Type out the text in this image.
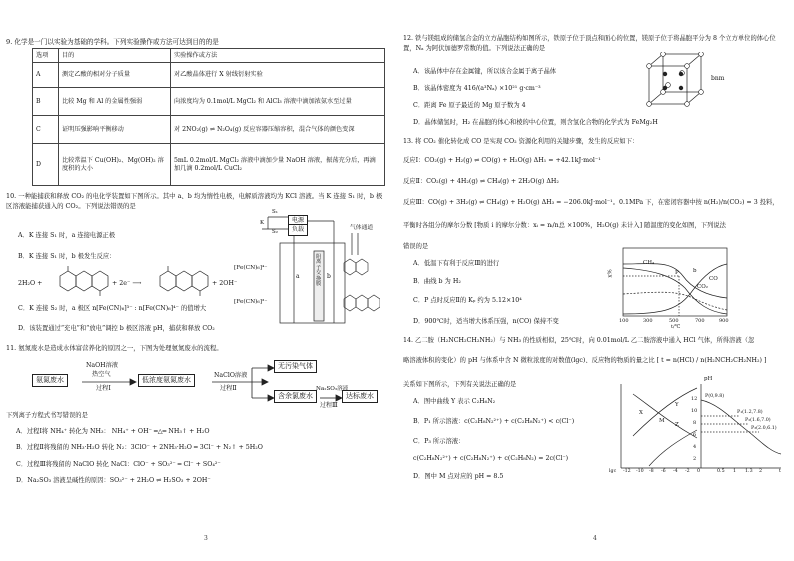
9. 化学是一门以实验为基础的学科。下列实验操作或方法可达到目的的是
选项	目的	实验操作或方法
A	测定乙酸的相对分子质量	对乙酸晶体进行 X 射线衍射实验
B	比较 Mg 和 Al 的金属性强弱	向浓度均为 0.1mol/L MgCl₂ 和 AlCl₃ 溶液中滴加浓氨水至过量
C	证明压强影响平衡移动	对 2NO₂(g) ⇌ N₂O₄(g) 反应容器压缩容积，混合气体的颜色变深
D	比较常温下 Cu(OH)₂、Mg(OH)₂ 溶度积的大小	5mL 0.2mol/L MgCl₂ 溶液中滴加少量 NaOH 溶液，振荡充分后，再滴加几滴 0.2mol/L CuCl₂
10. 一种能捕获和释放 CO₂ 的电化学装置如下图所示。其中 a、b 均为惰性电极，电解质溶液均为 KCl 溶液。当 K 连接 S₁ 时，b 极区溶液能捕获通入的 CO₂。下列说法错误的是
A．K 连接 S₁ 时，a 连接电源正极
B．K 连接 S₁ 时，b 极发生反应：
2H₂O +	+ 2e⁻ ⟶	+ 2OH⁻
C．K 连接 S₂ 时，a 极区 n[Fe(CN)₆]³⁻ : n[Fe(CN)₆]⁴⁻ 的值增大
D．该装置通过“充电”和“放电”调控 b 极区溶液 pH，捕获和释放 CO₂
电源
负载
S₁
K
S₂
气体通道
[Fe(CN)₆]⁴⁻
[Fe(CN)₆]³⁻
阴离子交换膜
a	b
11. 氨氮废水是造成水体富营养化的原因之一，下图为处理氨氮废水的流程。
氨氮废水	低浓度氨氮废水
无污染气体
含余氯废水	达标废水
NaOH溶液
热空气
过程Ⅰ
NaClO溶液
过程Ⅱ	Na₂SO₃溶液
过程Ⅲ
下列离子方程式书写错误的是
A．过程Ⅰ将 NH₄⁺ 转化为 NH₃： NH₄⁺ + OH⁻ ═△═ NH₃↑ + H₂O
B．过程Ⅱ将残留的 NH₃·H₂O 转化 N₂：3ClO⁻ + 2NH₃·H₂O ═ 3Cl⁻ + N₂↑ + 5H₂O
C．过程Ⅲ将残留的 NaClO 转化 NaCl：ClO⁻ + SO₃²⁻ ═ Cl⁻ + SO₄²⁻
D．Na₂SO₃ 溶液呈碱性的原因：SO₃²⁻ + 2H₂O ⇌ H₂SO₃ + 2OH⁻
3
12. 铁与镁组成的储氢合金的立方晶胞结构如图所示，铁原子位于顶点和面心的位置，镁原子位于将晶胞平分为 8 个立方单位的体心位置，Nₐ 为阿伏加德罗常数的值。下列说法正确的是
A．该晶体中存在金属键，所以该合金属于离子晶体
B．该晶体密度为 416/(a³Nₐ) ×10²¹ g·cm⁻³
C．距离 Fe 原子最近的 Mg 原子数为 4
D．晶体储氢时，H₂ 在晶胞的体心和棱的中心位置，则含氢化合物的化学式为 FeMg₂H
bnm
13. 将 CO₂ 催化转化成 CO 是实现 CO₂ 资源化利用的关键步骤，发生的反应如下：
反应Ⅰ：CO₂(g) + H₂(g) ⇌ CO(g) + H₂O(g) ΔH₁ = +42.1kJ·mol⁻¹
反应Ⅱ：CO₂(g) + 4H₂(g) ⇌ CH₄(g) + 2H₂O(g) ΔH₂
反应Ⅲ：CO(g) + 3H₂(g) ⇌ CH₄(g) + H₂O(g) ΔH₃ = −206.0kJ·mol⁻¹。0.1MPa 下，在密闭容器中按 n(H₂)/n(CO₂) = 3 投料，
平衡时各组分的摩尔分数 [物质 i 的摩尔分数：xᵢ = nᵢ/n总 ×100%，H₂O(g) 未计入] 随温度的变化如图，下列说法
错误的是
A．低温下有利于反应Ⅲ的进行
B．曲线 b 为 H₂
C．P 点时反应Ⅱ的 Kₚ 约为 5.12×10⁴
D．900℃时，适当增大体系压强，n(CO) 保持不变
x%
CH₄
b
CO₂
CO
P
100	300	500	700	900
t/℃
14. 乙二胺（H₂NCH₂CH₂NH₂）与 NH₃ 的性质相似，25℃时，向 0.01mol/L 乙二胺溶液中通入 HCl 气体，所得溶液（忽
略溶液体积的变化）的 pH 与体系中含 N 微粒浓度的对数值(lgc)、反应物的物质的量之比 [ t = n(HCl) / n(H₂NCH₂CH₂NH₂) ]
关系如下图所示，下列有关说法正确的是
A．图中曲线 Y 表示 C₂H₆N₂
B．P₁ 所示溶液：c(C₂H₈N₂²⁺) + c(C₂H₈N₂⁺) < c(Cl⁻)
C．P₃ 所示溶液：
c(C₂H₈N₂²⁺) + c(C₂H₈N₂⁺) + c(C₂H₈N₂) = 2c(Cl⁻)
D．图中 M 点对应的 pH = 8.5
pH
2
4
6
8
10
12
lgc	0
-2
-4
-6
-8
-10
-12	0.5 1 1.3 2	t
X
Y
Z
M
P(0,9.8)
P₁(1.2,7.8)
P₂(1.6,7.0)
P₃(2.0,6.1)
4
